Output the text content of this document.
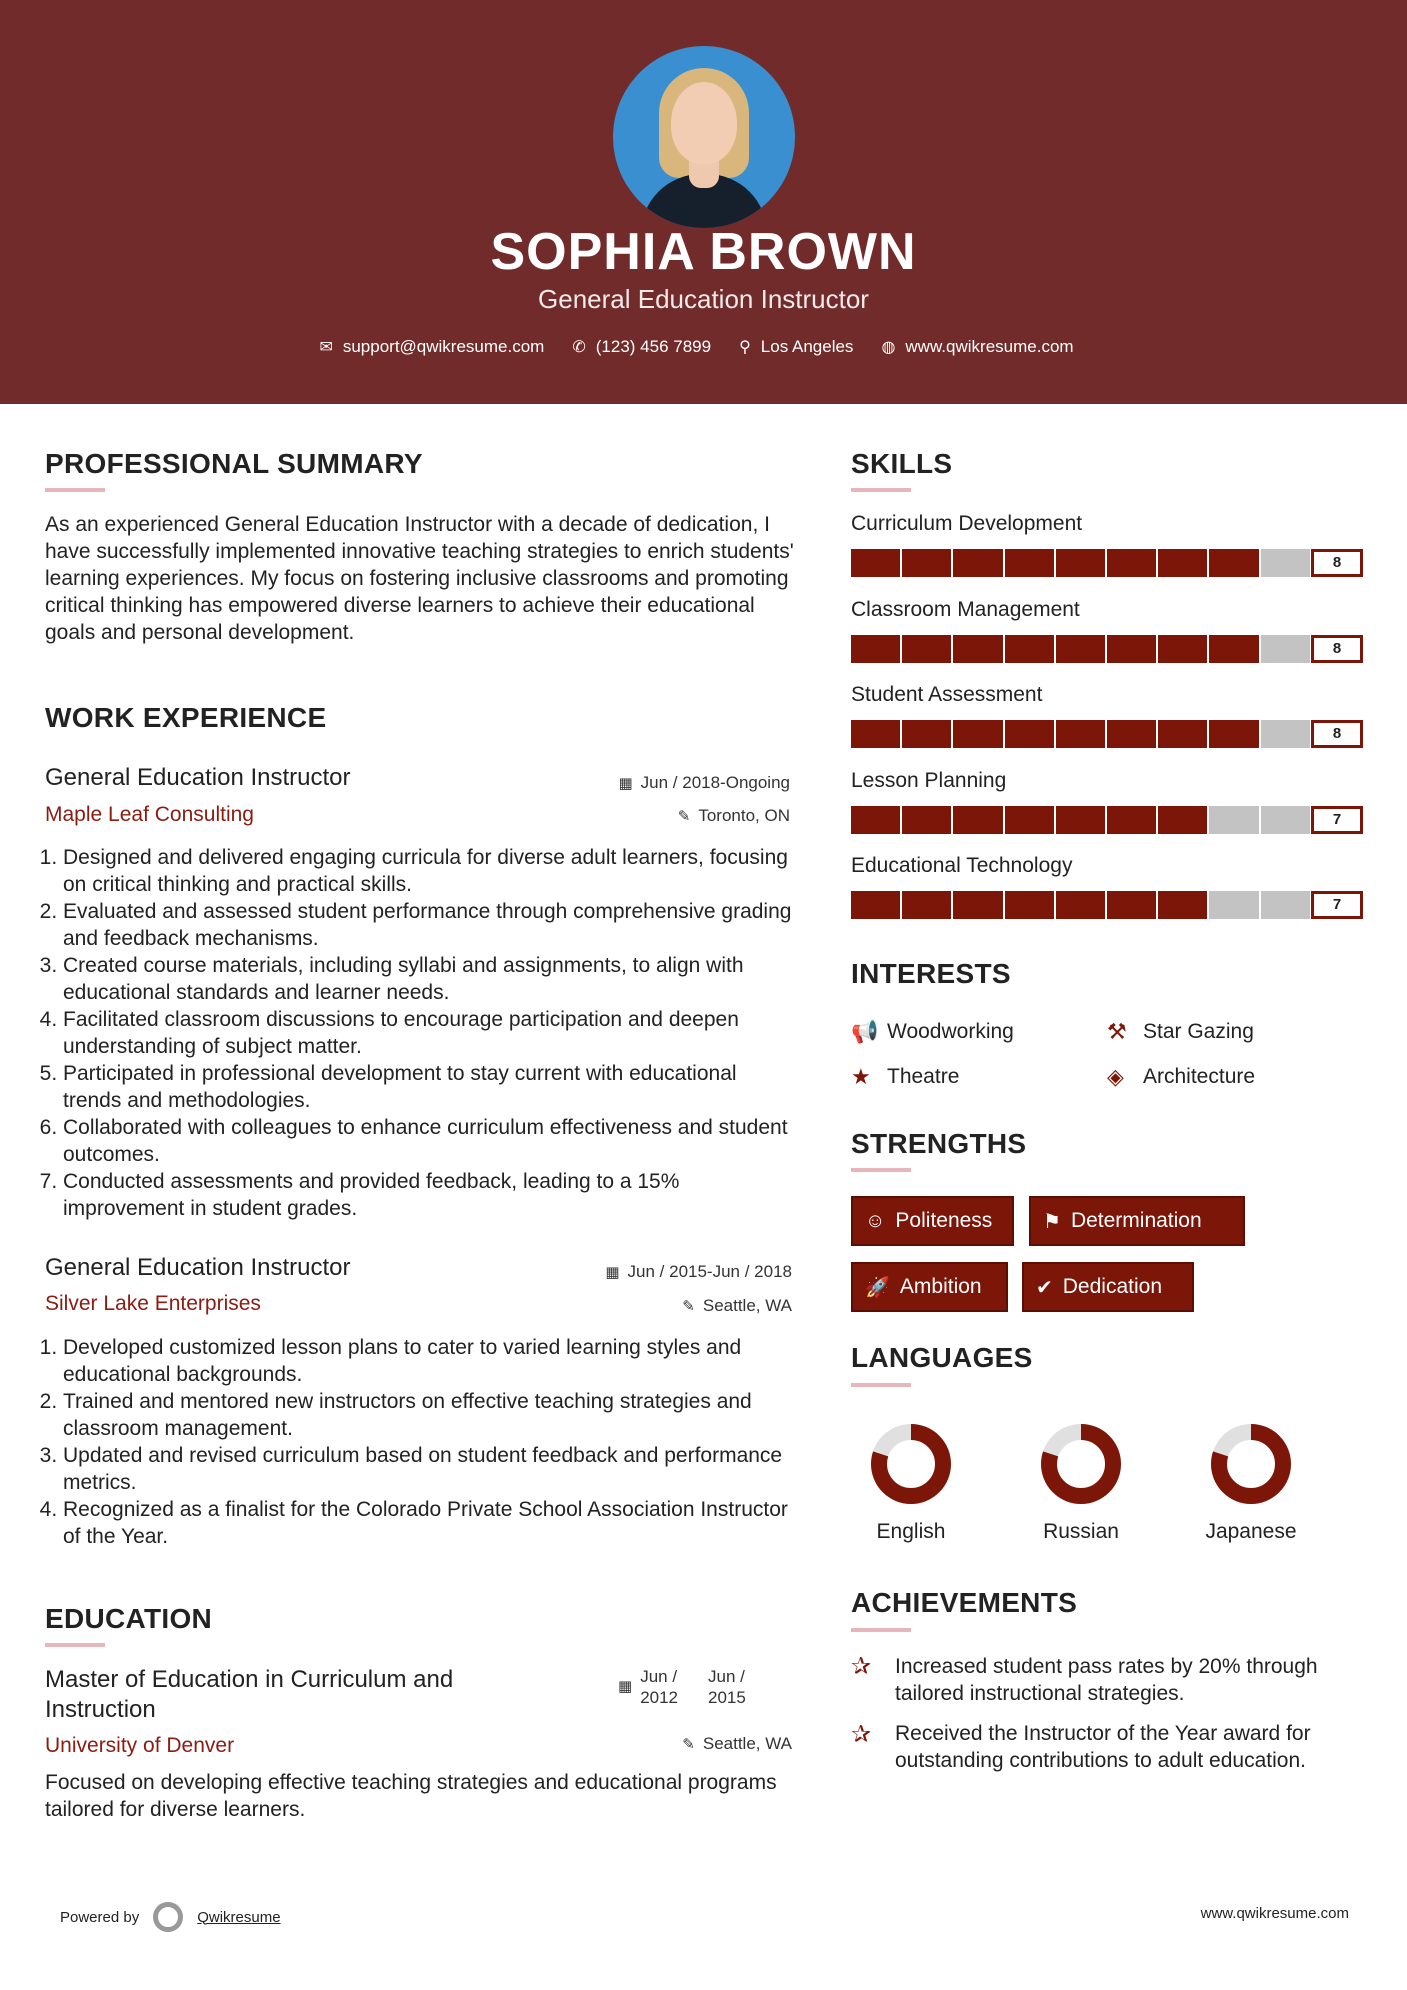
SOPHIA BROWN
General Education Instructor
✉ support@qwikresume.com ✆ (123) 456 7899 ⚲ Los Angeles ◍ www.qwikresume.com
PROFESSIONAL SUMMARY
As an experienced General Education Instructor with a decade of dedication, I have successfully implemented innovative teaching strategies to enrich students' learning experiences. My focus on fostering inclusive classrooms and promoting critical thinking has empowered diverse learners to achieve their educational goals and personal development.
WORK EXPERIENCE
General Education Instructor
Maple Leaf Consulting
▦ Jun / 2018-Ongoing
✎ Toronto, ON
1. Designed and delivered engaging curricula for diverse adult learners, focusing on critical thinking and practical skills.
2. Evaluated and assessed student performance through comprehensive grading and feedback mechanisms.
3. Created course materials, including syllabi and assignments, to align with educational standards and learner needs.
4. Facilitated classroom discussions to encourage participation and deepen understanding of subject matter.
5. Participated in professional development to stay current with educational trends and methodologies.
6. Collaborated with colleagues to enhance curriculum effectiveness and student outcomes.
7. Conducted assessments and provided feedback, leading to a 15% improvement in student grades.
General Education Instructor
Silver Lake Enterprises
▦ Jun / 2015-Jun / 2018
✎ Seattle, WA
1. Developed customized lesson plans to cater to varied learning styles and educational backgrounds.
2. Trained and mentored new instructors on effective teaching strategies and classroom management.
3. Updated and revised curriculum based on student feedback and performance metrics.
4. Recognized as a finalist for the Colorado Private School Association Instructor of the Year.
EDUCATION
Master of Education in Curriculum and
Instruction
▦
Jun /
2012
Jun /
2015
University of Denver	✎ Seattle, WA
Focused on developing effective teaching strategies and educational programs tailored for diverse learners.
SKILLS
Curriculum Development
8
Classroom Management
8
Student Assessment
8
Lesson Planning
7
Educational Technology
7
INTERESTS
📢 Woodworking	⚒ Star Gazing
★ Theatre	◈ Architecture
STRENGTHS
☺ Politeness	⚑ Determination
🚀 Ambition	✔ Dedication
LANGUAGES
English	Russian	Japanese
ACHIEVEMENTS
✰ Increased student pass rates by 20% through tailored instructional strategies.
✰ Received the Instructor of the Year award for outstanding contributions to adult education.
Powered by	Qwikresume	www.qwikresume.com
